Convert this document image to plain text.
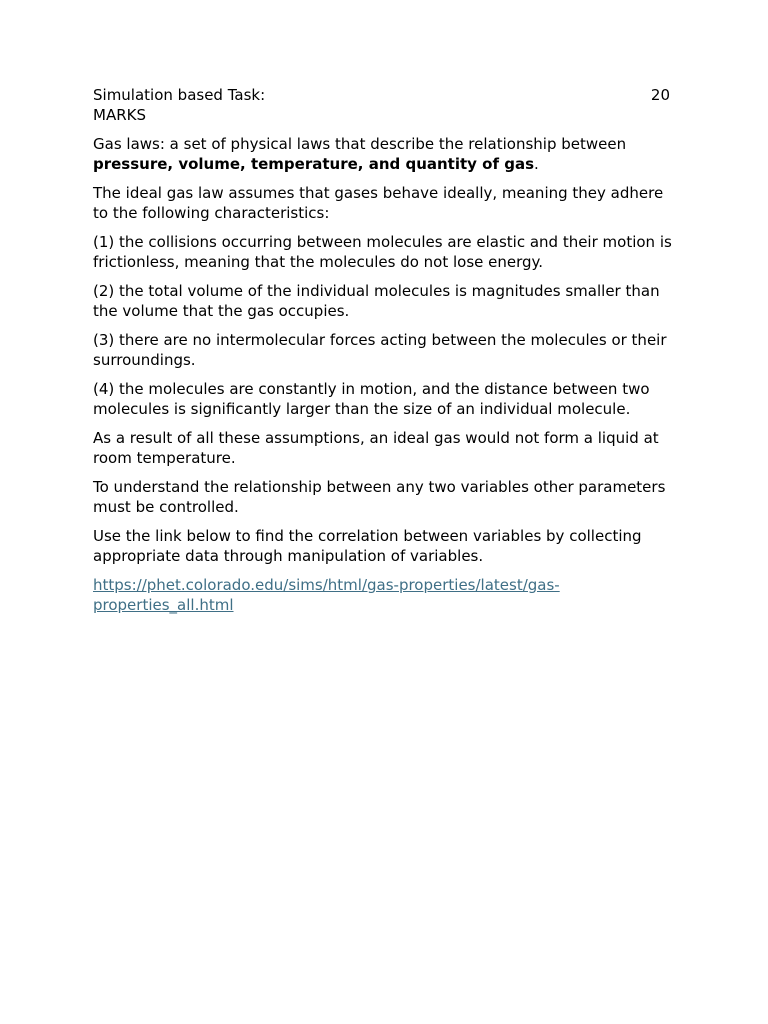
Simulation based Task:	20
MARKS

Gas laws: a set of physical laws that describe the relationship between pressure, volume, temperature, and quantity of gas.

The ideal gas law assumes that gases behave ideally, meaning they adhere to the following characteristics:

(1) the collisions occurring between molecules are elastic and their motion is frictionless, meaning that the molecules do not lose energy.

(2) the total volume of the individual molecules is magnitudes smaller than the volume that the gas occupies.

(3) there are no intermolecular forces acting between the molecules or their surroundings.

(4) the molecules are constantly in motion, and the distance between two molecules is significantly larger than the size of an individual molecule.

As a result of all these assumptions, an ideal gas would not form a liquid at room temperature.

To understand the relationship between any two variables other parameters must be controlled.

Use the link below to find the correlation between variables by collecting appropriate data through manipulation of variables.

https://phet.colorado.edu/sims/html/gas-properties/latest/gas-
properties_all.html
